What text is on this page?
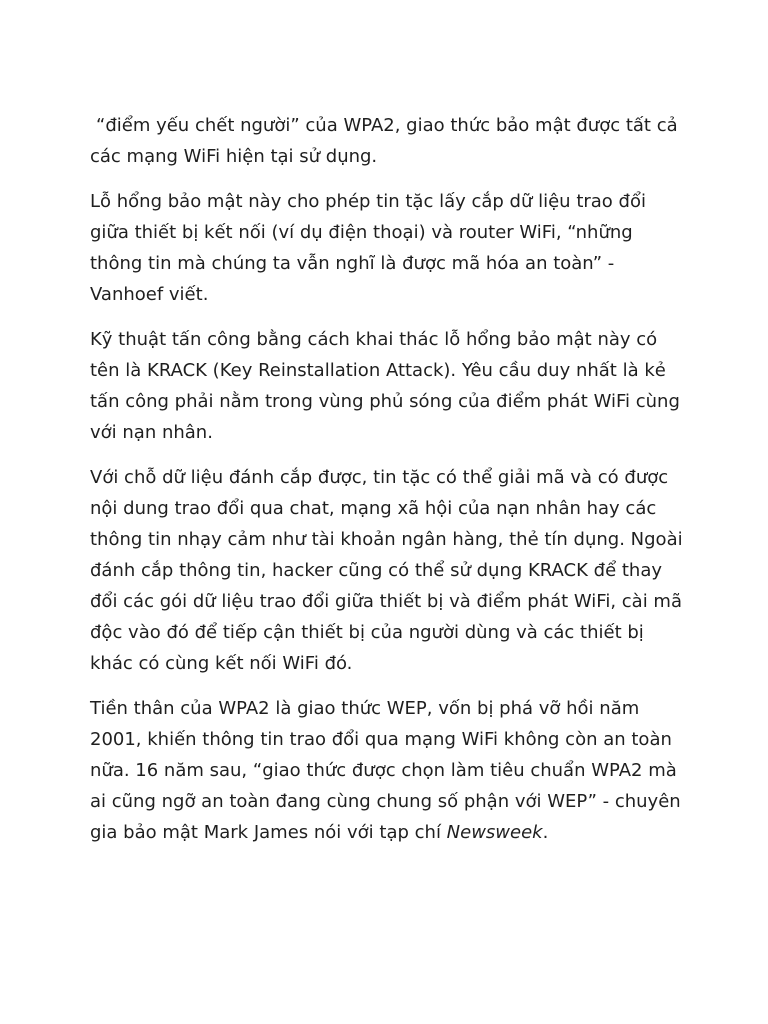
“điểm yếu chết người” của WPA2, giao thức bảo mật được tất cả các mạng WiFi hiện tại sử dụng.

Lỗ hổng bảo mật này cho phép tin tặc lấy cắp dữ liệu trao đổi giữa thiết bị kết nối (ví dụ điện thoại) và router WiFi, “những thông tin mà chúng ta vẫn nghĩ là được mã hóa an toàn” - Vanhoef viết.

Kỹ thuật tấn công bằng cách khai thác lỗ hổng bảo mật này có tên là KRACK (Key Reinstallation Attack). Yêu cầu duy nhất là kẻ tấn công phải nằm trong vùng phủ sóng của điểm phát WiFi cùng với nạn nhân.

Với chỗ dữ liệu đánh cắp được, tin tặc có thể giải mã và có được nội dung trao đổi qua chat, mạng xã hội của nạn nhân hay các thông tin nhạy cảm như tài khoản ngân hàng, thẻ tín dụng. Ngoài đánh cắp thông tin, hacker cũng có thể sử dụng KRACK để thay đổi các gói dữ liệu trao đổi giữa thiết bị và điểm phát WiFi, cài mã độc vào đó để tiếp cận thiết bị của người dùng và các thiết bị khác có cùng kết nối WiFi đó.

Tiền thân của WPA2 là giao thức WEP, vốn bị phá vỡ hồi năm 2001, khiến thông tin trao đổi qua mạng WiFi không còn an toàn nữa. 16 năm sau, “giao thức được chọn làm tiêu chuẩn WPA2 mà ai cũng ngỡ an toàn đang cùng chung số phận với WEP” - chuyên gia bảo mật Mark James nói với tạp chí Newsweek.
